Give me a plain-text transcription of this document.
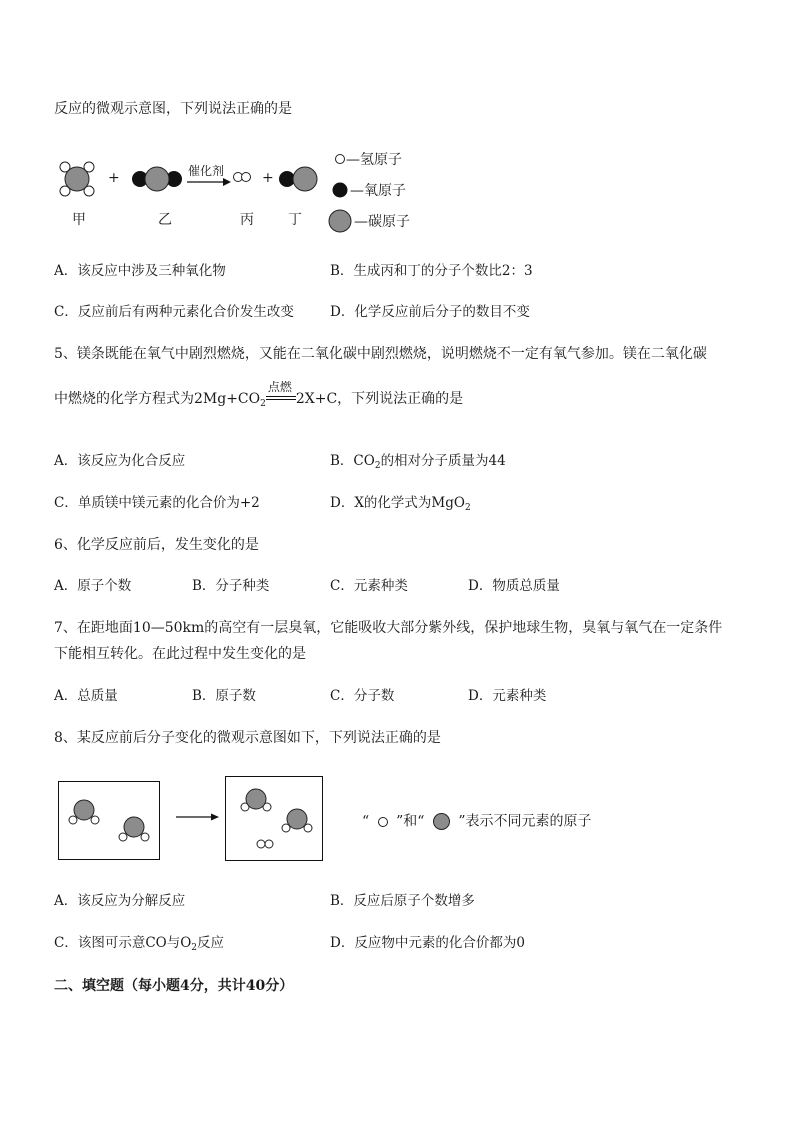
反应的微观示意图，下列说法正确的是
+	+
催化剂
甲	乙	丙 丁
—氢原子
—氧原子
—碳原子
A．该反应中涉及三种氧化物	B．生成丙和丁的分子个数比2：3
C．反应前后有两种元素化合价发生改变	D．化学反应前后分子的数目不变
5、镁条既能在氧气中剧烈燃烧，又能在二氧化碳中剧烈燃烧，说明燃烧不一定有氧气参加。镁在二氧化碳
中燃烧的化学方程式为$2Mg+CO_2$
点燃
2X+C，下列说法正确的是
A．该反应为化合反应	B．$CO_2$的相对分子质量为44
C．单质镁中镁元素的化合价为+2	D．X的化学式为MgO$_2$
6、化学反应前后，发生变化的是
A．原子个数	B．分子种类	C．元素种类	D．物质总质量
7、在距地面10—50km的高空有一层臭氧，它能吸收大部分紫外线，保护地球生物，臭氧与氧气在一定条件
下能相互转化。在此过程中发生变化的是
A．总质量	B．原子数	C．分子数	D．元素种类
8、某反应前后分子变化的微观示意图如下，下列说法正确的是
“ ”和“ ”表示不同元素的原子
A．该反应为分解反应	B．反应后原子个数增多
C．该图可示意CO与$O_2$反应	D．反应物中元素的化合价都为0
二、填空题（每小题4分，共计40分）
